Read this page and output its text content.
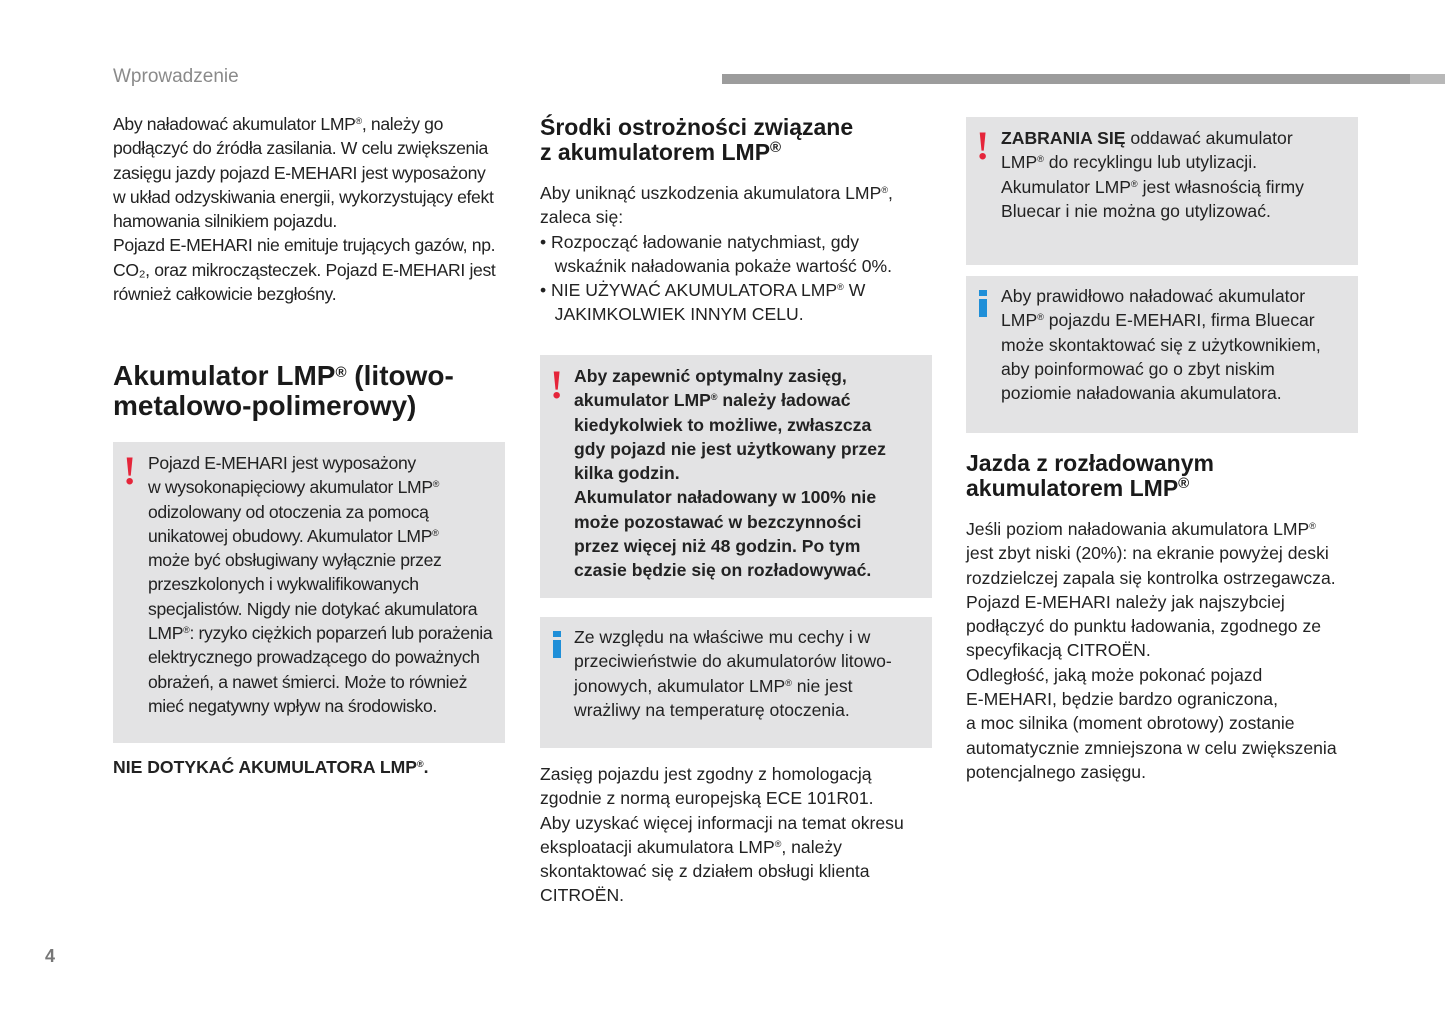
Wprowadzenie
Aby naładować akumulator LMP®, należy go
podłączyć do źródła zasilania. W celu zwiększenia
zasięgu jazdy pojazd E-MEHARI jest wyposażony
w układ odzyskiwania energii, wykorzystujący efekt
hamowania silnikiem pojazdu.
Pojazd E-MEHARI nie emituje trujących gazów, np.
CO₂, oraz mikrocząsteczek. Pojazd E-MEHARI jest
również całkowicie bezgłośny.
Akumulator LMP® (litowo-
metalowo-polimerowy)
! Pojazd E-MEHARI jest wyposażony
w wysokonapięciowy akumulator LMP®
odizolowany od otoczenia za pomocą
unikatowej obudowy. Akumulator LMP®
może być obsługiwany wyłącznie przez
przeszkolonych i wykwalifikowanych
specjalistów. Nigdy nie dotykać akumulatora
LMP®: ryzyko ciężkich poparzeń lub porażenia
elektrycznego prowadzącego do poważnych
obrażeń, a nawet śmierci. Może to również
mieć negatywny wpływ na środowisko.
NIE DOTYKAĆ AKUMULATORA LMP®.
Środki ostrożności związane
z akumulatorem LMP®
Aby uniknąć uszkodzenia akumulatora LMP®,
zaleca się:
• Rozpocząć ładowanie natychmiast, gdy
wskaźnik naładowania pokaże wartość 0%.
• NIE UŻYWAĆ AKUMULATORA LMP® W
JAKIMKOLWIEK INNYM CELU.
! Aby zapewnić optymalny zasięg,
akumulator LMP® należy ładować
kiedykolwiek to możliwe, zwłaszcza
gdy pojazd nie jest użytkowany przez
kilka godzin.
Akumulator naładowany w 100% nie
może pozostawać w bezczynności
przez więcej niż 48 godzin. Po tym
czasie będzie się on rozładowywać.
Ze względu na właściwe mu cechy i w
przeciwieństwie do akumulatorów litowo-
jonowych, akumulator LMP® nie jest
wrażliwy na temperaturę otoczenia.
Zasięg pojazdu jest zgodny z homologacją
zgodnie z normą europejską ECE 101R01.
Aby uzyskać więcej informacji na temat okresu
eksploatacji akumulatora LMP®, należy
skontaktować się z działem obsługi klienta
CITROËN.
! ZABRANIA SIĘ oddawać akumulator
LMP® do recyklingu lub utylizacji.
Akumulator LMP® jest własnością firmy
Bluecar i nie można go utylizować.
Aby prawidłowo naładować akumulator
LMP® pojazdu E-MEHARI, firma Bluecar
może skontaktować się z użytkownikiem,
aby poinformować go o zbyt niskim
poziomie naładowania akumulatora.
Jazda z rozładowanym
akumulatorem LMP®
Jeśli poziom naładowania akumulatora LMP®
jest zbyt niski (20%): na ekranie powyżej deski
rozdzielczej zapala się kontrolka ostrzegawcza.
Pojazd E-MEHARI należy jak najszybciej
podłączyć do punktu ładowania, zgodnego ze
specyfikacją CITROËN.
Odległość, jaką może pokonać pojazd
E-MEHARI, będzie bardzo ograniczona,
a moc silnika (moment obrotowy) zostanie
automatycznie zmniejszona w celu zwiększenia
potencjalnego zasięgu.
4
